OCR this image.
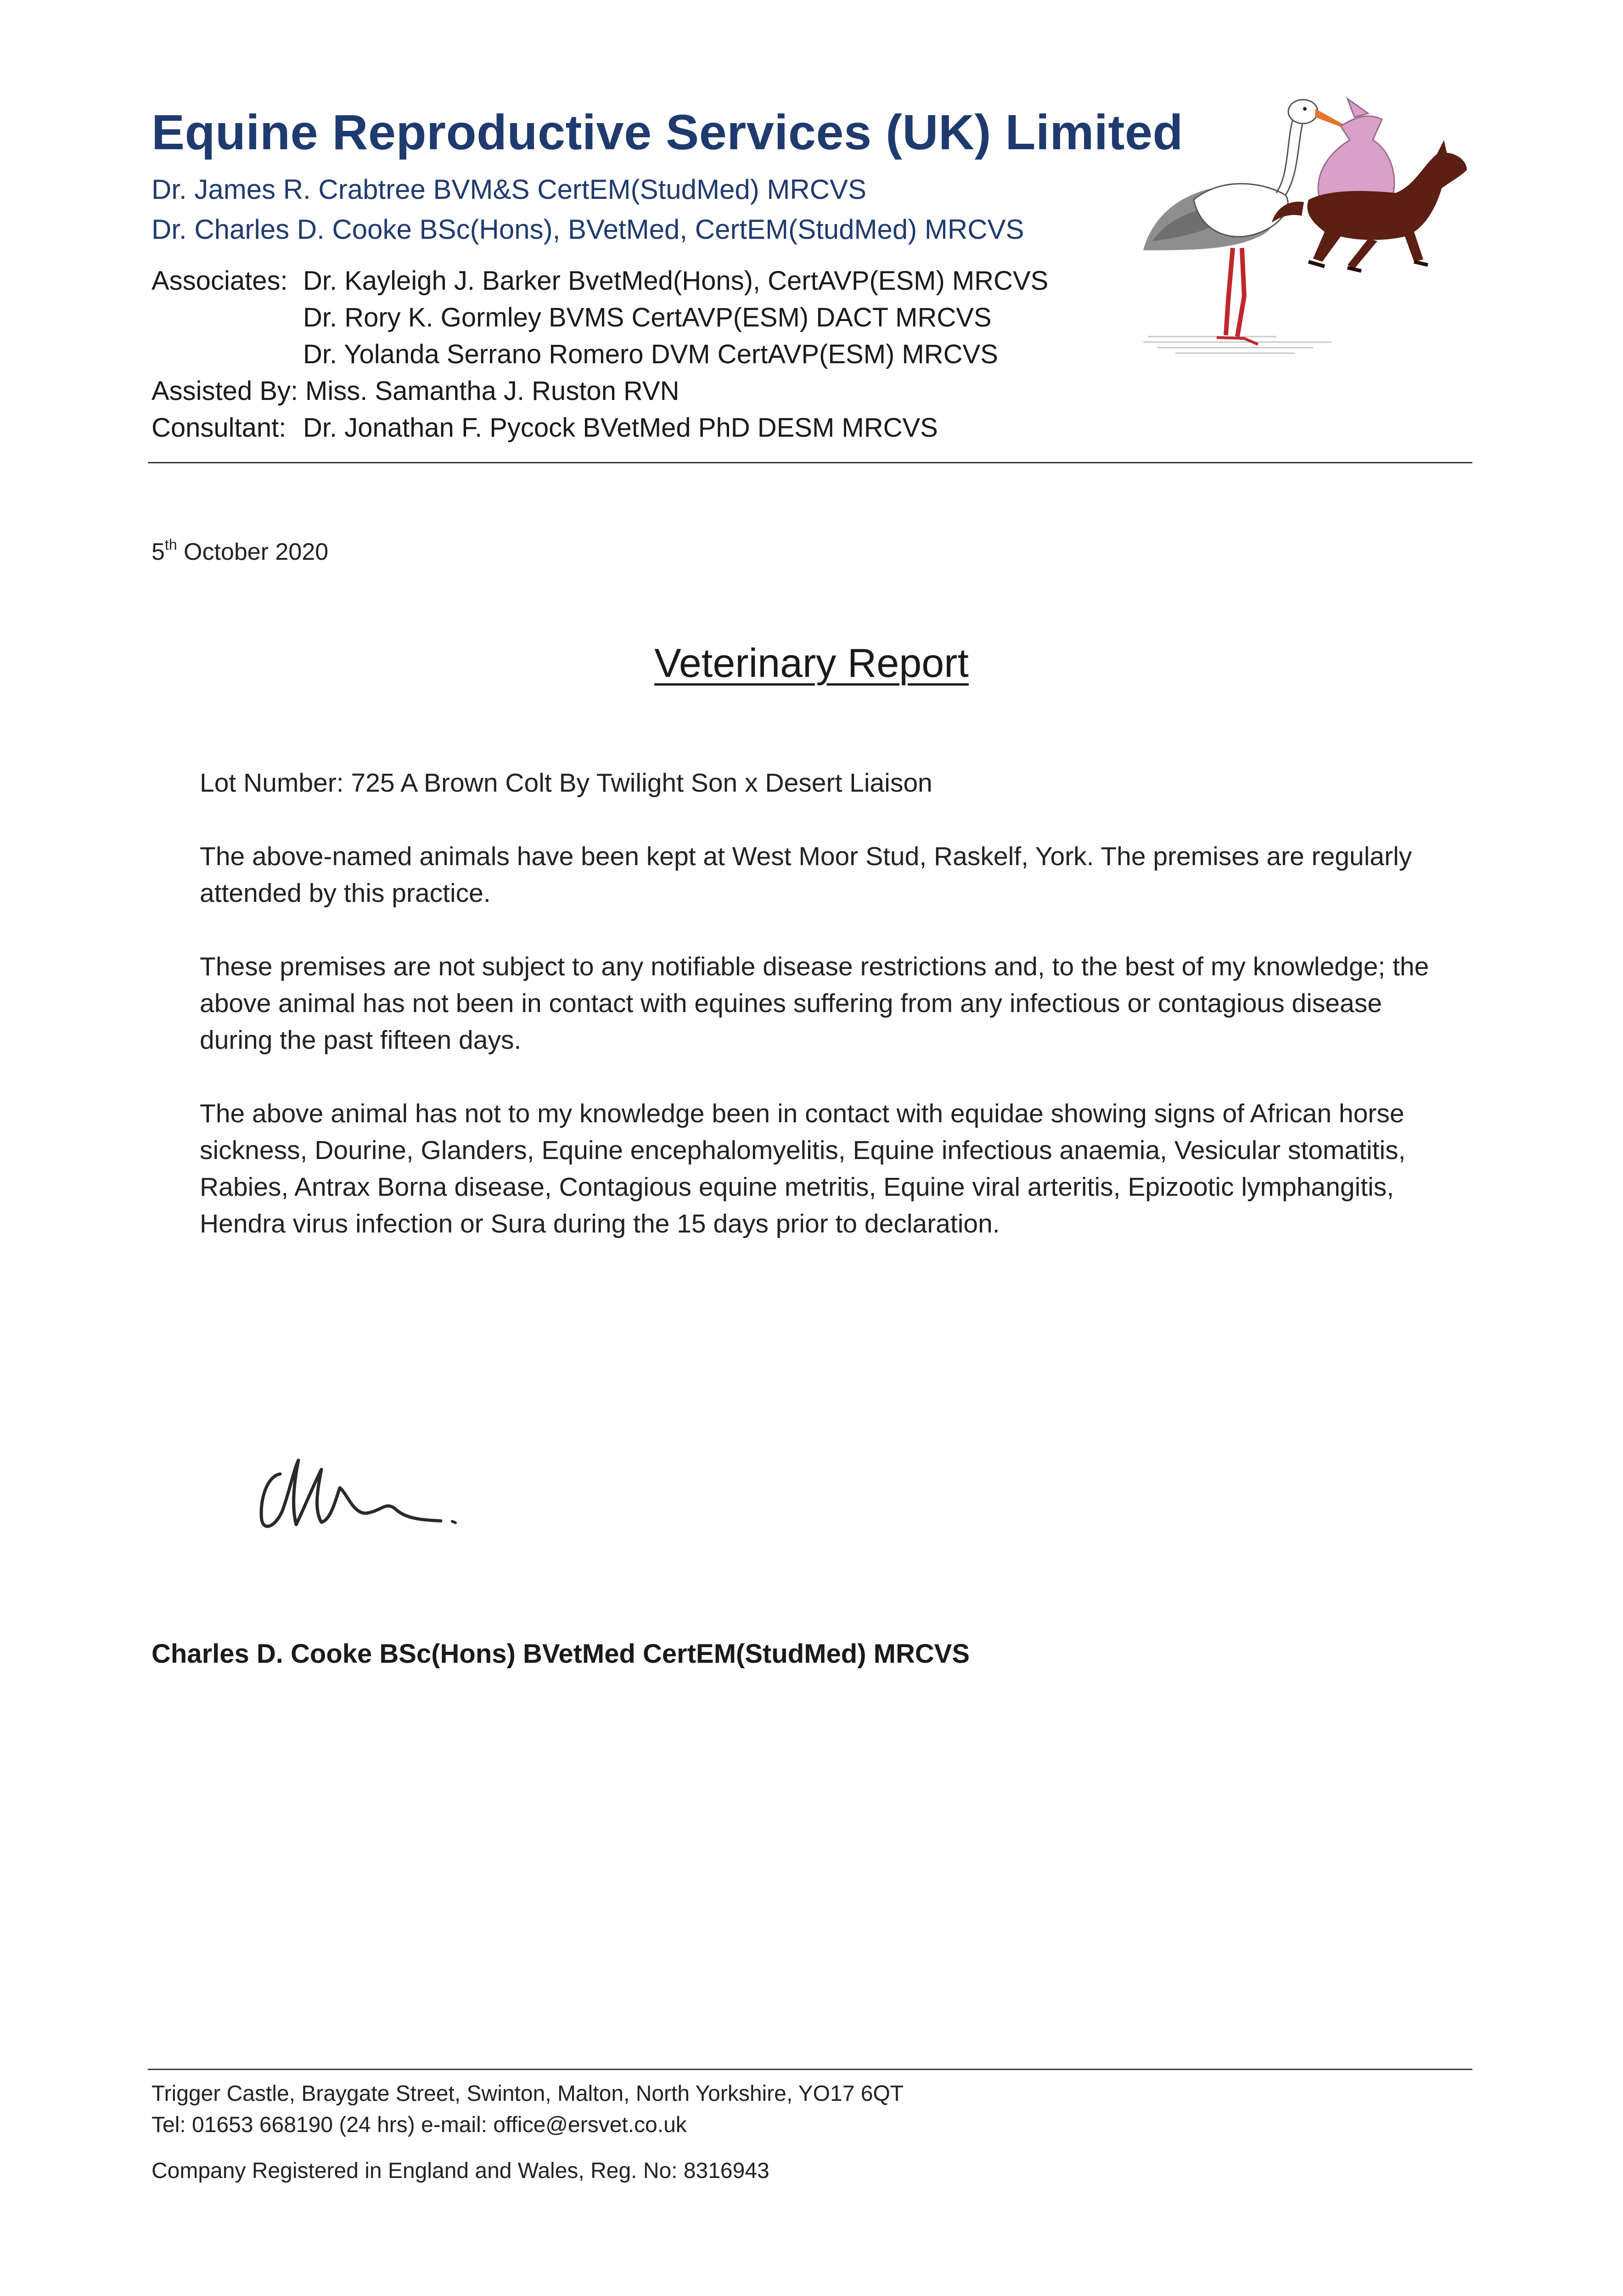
Equine Reproductive Services (UK) Limited
Dr. James R. Crabtree BVM&S CertEM(StudMed) MRCVS
Dr. Charles D. Cooke BSc(Hons), BVetMed, CertEM(StudMed) MRCVS
Associates: Dr. Kayleigh J. Barker BvetMed(Hons), CertAVP(ESM) MRCVS
Dr. Rory K. Gormley BVMS CertAVP(ESM) DACT MRCVS
Dr. Yolanda Serrano Romero DVM CertAVP(ESM) MRCVS
Assisted By: Miss. Samantha J. Ruston RVN
Consultant: Dr. Jonathan F. Pycock BVetMed PhD DESM MRCVS
5th October 2020
Veterinary Report
Lot Number: 725 A Brown Colt By Twilight Son x Desert Liaison
The above-named animals have been kept at West Moor Stud, Raskelf, York. The premises are regularly attended by this practice.
These premises are not subject to any notifiable disease restrictions and, to the best of my knowledge; the above animal has not been in contact with equines suffering from any infectious or contagious disease during the past fifteen days.
The above animal has not to my knowledge been in contact with equidae showing signs of African horse sickness, Dourine, Glanders, Equine encephalomyelitis, Equine infectious anaemia, Vesicular stomatitis, Rabies, Antrax Borna disease, Contagious equine metritis, Equine viral arteritis, Epizootic lymphangitis, Hendra virus infection or Sura during the 15 days prior to declaration.
Charles D. Cooke BSc(Hons) BVetMed CertEM(StudMed) MRCVS
Trigger Castle, Braygate Street, Swinton, Malton, North Yorkshire, YO17 6QT
Tel: 01653 668190 (24 hrs) e-mail: office@ersvet.co.uk
Company Registered in England and Wales, Reg. No: 8316943
